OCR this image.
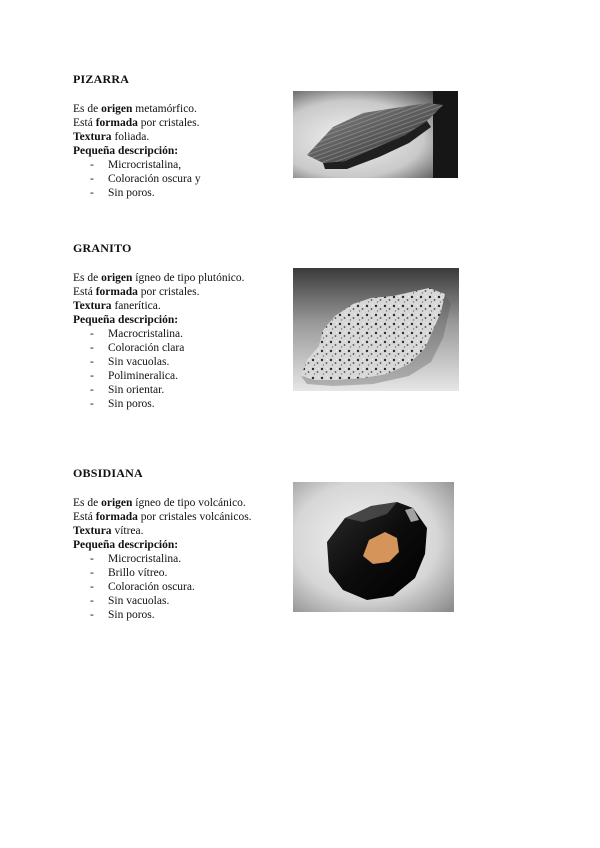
PIZARRA
Es de origen metamórfico.
Está formada por cristales.
Textura foliada.
Pequeña descripción:
- Microcristalina,
- Coloración oscura y
- Sin poros.
GRANITO
Es de origen ígneo de tipo plutónico.
Está formada por cristales.
Textura fanerítica.
Pequeña descripción:
- Macrocristalina.
- Coloración clara
- Sin vacuolas.
- Polimineralica.
- Sin orientar.
- Sin poros.
OBSIDIANA
Es de origen ígneo de tipo volcánico.
Está formada por cristales volcánicos.
Textura vítrea.
Pequeña descripción:
- Microcristalina.
- Brillo vítreo.
- Coloración oscura.
- Sin vacuolas.
- Sin poros.
